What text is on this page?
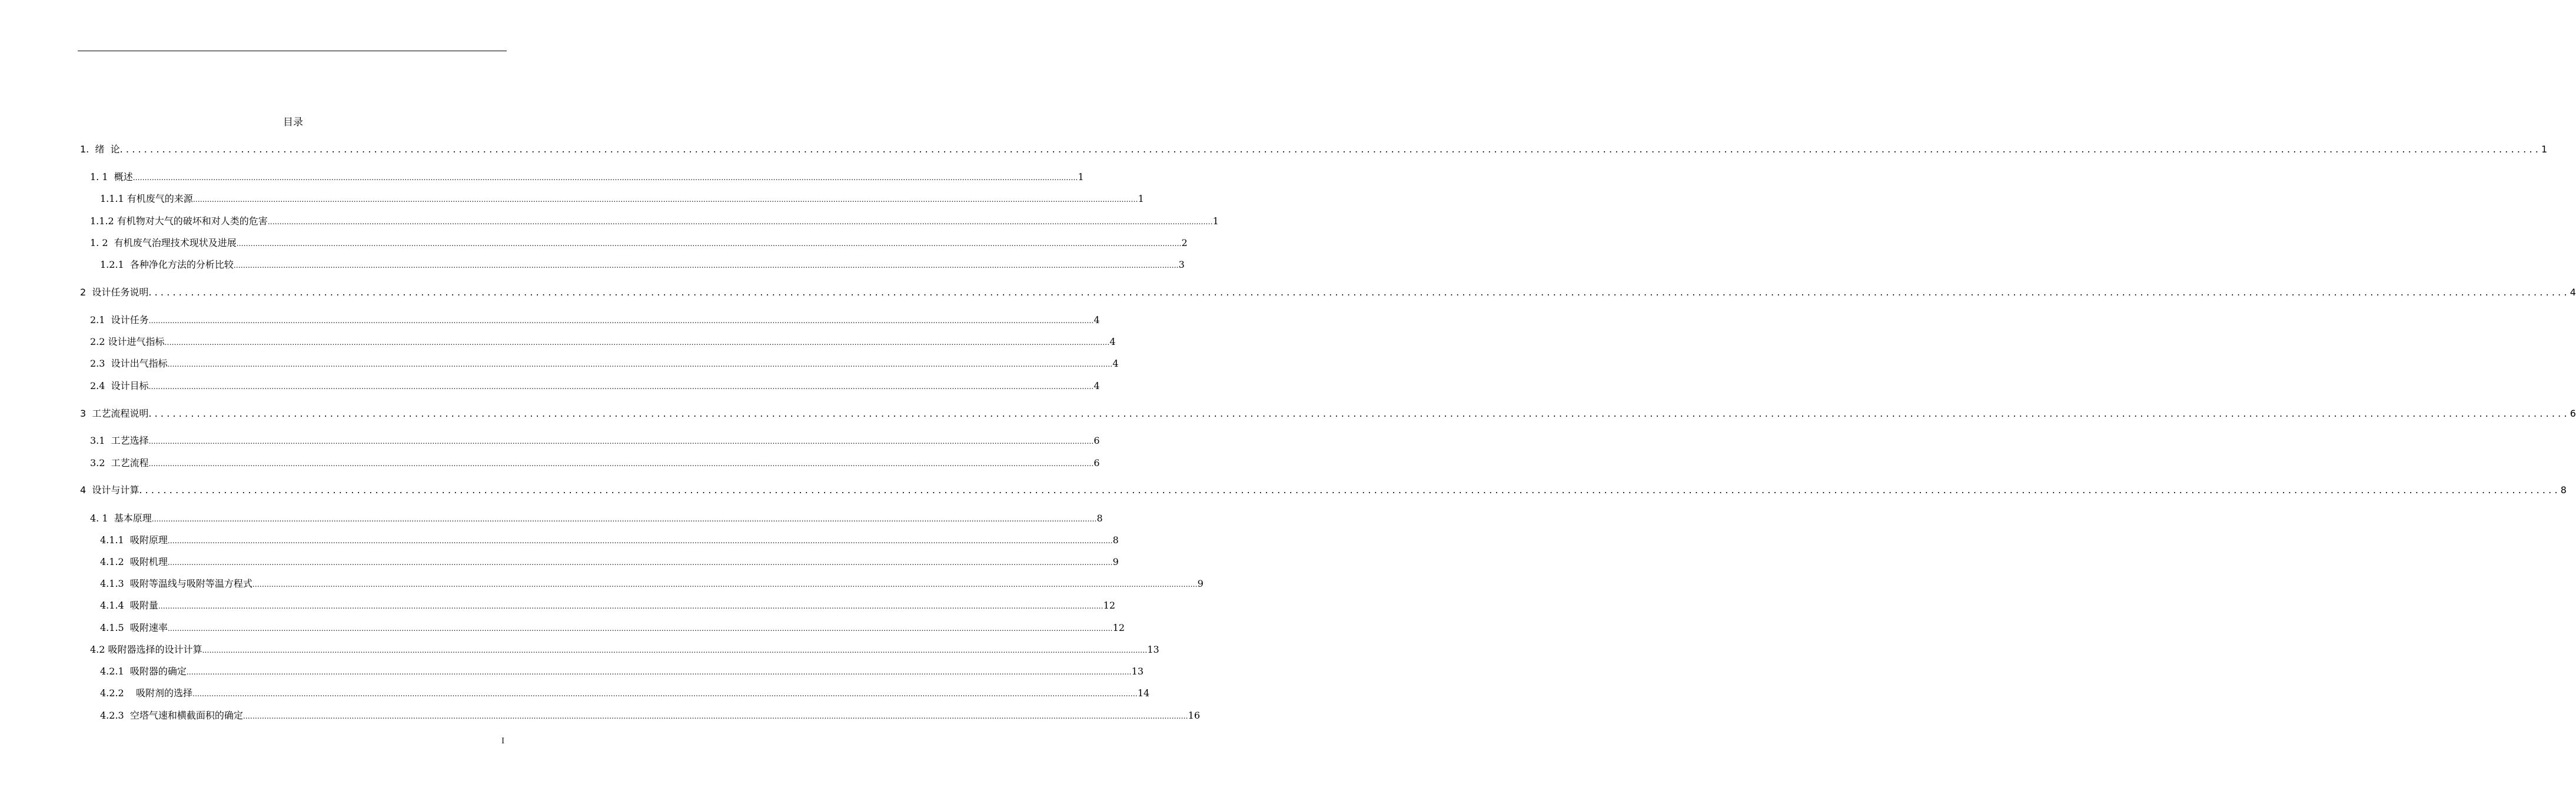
目录
1.  绪  论 ................................................................................................................................................................................................................................................................................................................................................................................................................ 1
1. 1  概述 ................................................................................................................................................................................................................................................................................................................................................................................................................ 1
1.1.1 有机废气的来源 ................................................................................................................................................................................................................................................................................................................................................................................................................ 1
1.1.2 有机物对大气的破坏和对人类的危害 ................................................................................................................................................................................................................................................................................................................................................................................................................ 1
1. 2  有机废气治理技术现状及进展 ................................................................................................................................................................................................................................................................................................................................................................................................................ 2
1.2.1  各种净化方法的分析比较 ................................................................................................................................................................................................................................................................................................................................................................................................................ 3
2  设计任务说明 ................................................................................................................................................................................................................................................................................................................................................................................................................ 4
2.1  设计任务 ................................................................................................................................................................................................................................................................................................................................................................................................................ 4
2.2 设计进气指标 ................................................................................................................................................................................................................................................................................................................................................................................................................ 4
2.3  设计出气指标 ................................................................................................................................................................................................................................................................................................................................................................................................................ 4
2.4  设计目标 ................................................................................................................................................................................................................................................................................................................................................................................................................ 4
3  工艺流程说明 ................................................................................................................................................................................................................................................................................................................................................................................................................ 6
3.1  工艺选择 ................................................................................................................................................................................................................................................................................................................................................................................................................ 6
3.2  工艺流程 ................................................................................................................................................................................................................................................................................................................................................................................................................ 6
4  设计与计算 ................................................................................................................................................................................................................................................................................................................................................................................................................ 8
4. 1  基本原理 ................................................................................................................................................................................................................................................................................................................................................................................................................ 8
4.1.1  吸附原理 ................................................................................................................................................................................................................................................................................................................................................................................................................ 8
4.1.2  吸附机理 ................................................................................................................................................................................................................................................................................................................................................................................................................ 9
4.1.3  吸附等温线与吸附等温方程式 ................................................................................................................................................................................................................................................................................................................................................................................................................ 9
4.1.4  吸附量 ................................................................................................................................................................................................................................................................................................................................................................................................................ 12
4.1.5  吸附速率 ................................................................................................................................................................................................................................................................................................................................................................................................................ 12
4.2 吸附器选择的设计计算 ................................................................................................................................................................................................................................................................................................................................................................................................................ 13
4.2.1  吸附器的确定 ................................................................................................................................................................................................................................................................................................................................................................................................................ 13
4.2.2    吸附剂的选择 ................................................................................................................................................................................................................................................................................................................................................................................................................ 14
4.2.3  空塔气速和横截面积的确定 ................................................................................................................................................................................................................................................................................................................................................................................................................ 16
I
